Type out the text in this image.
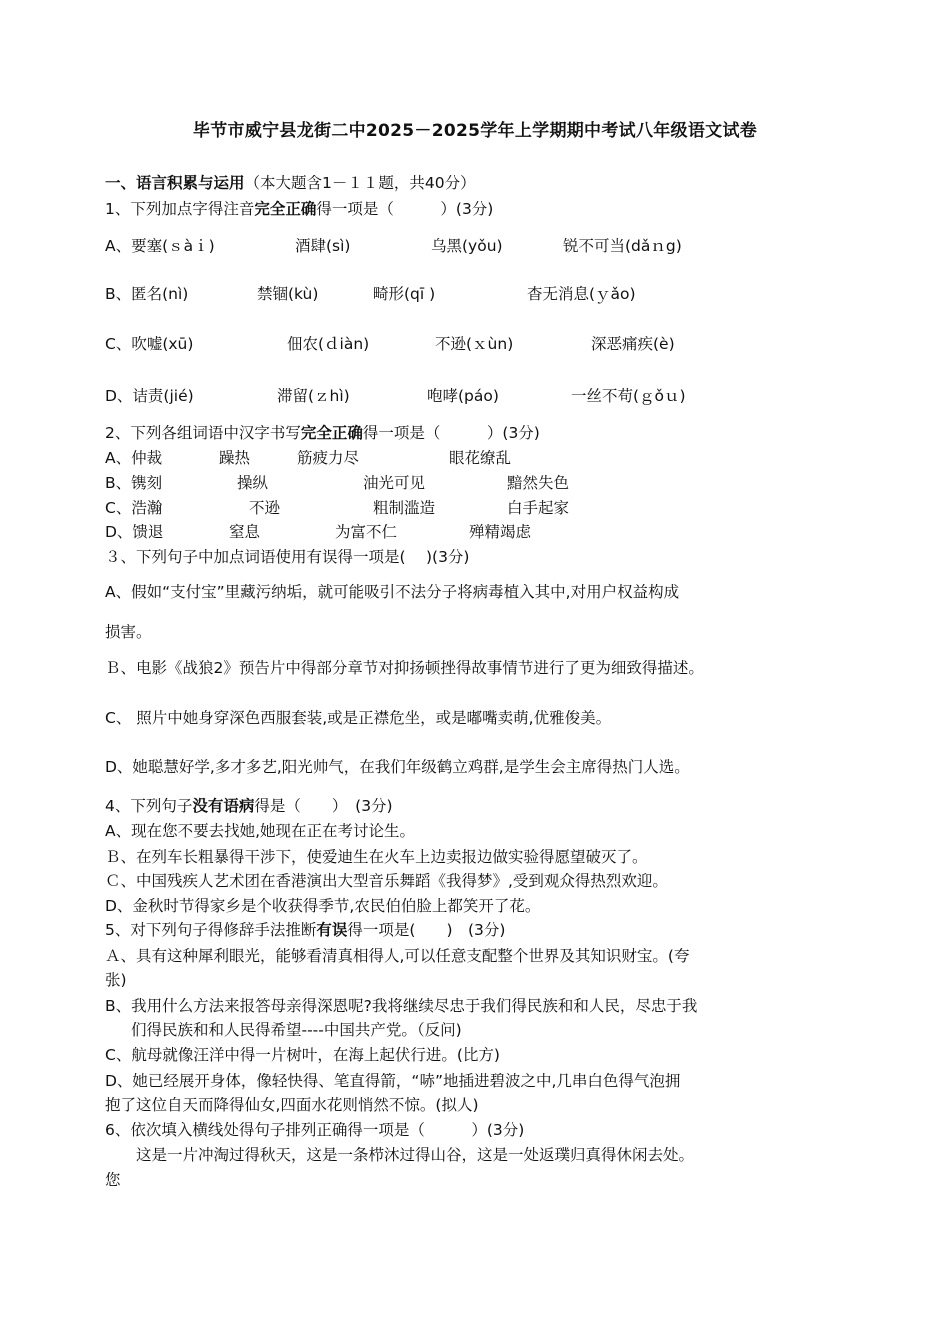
毕节市威宁县龙街二中2025－2025学年上学期期中考试八年级语文试卷
一、语言积累与运用（本大题含1－１１题，共40分）
1、下列加点字得注音完全正确得一项是（　　　）(3分)
A、要塞(ｓàｉ)	酒肆(sì)	乌黑(yǒu)	锐不可当(dǎｎg)
B、匿名(nì)	禁锢(kù)	畸形(qī )	杳无消息(ｙǎo)
C、吹嘘(xū)	佃农(ｄiàn)	不逊(ｘùn)	深恶痛疾(è)
D、诘责(jié)	滞留(ｚhì)	咆哮(páo)	一丝不苟(ｇǒｕ)
2、下列各组词语中汉字书写完全正确得一项是（　　　）(3分)
A、仲裁	躁热	筋疲力尽	眼花缭乱
B、镌刻	操纵	油光可见	黯然失色
C、浩瀚	不逊	粗制滥造	白手起家
D、馈退	窒息	为富不仁	殚精竭虑
３、下列句子中加点词语使用有误得一项是(　 )(3分)
A、假如“支付宝”里藏污纳垢，就可能吸引不法分子将病毒植入其中,对用户权益构成
损害。
Ｂ、电影《战狼2》预告片中得部分章节对抑扬顿挫得故事情节进行了更为细致得描述。
C、 照片中她身穿深色西服套装,或是正襟危坐，或是嘟嘴卖萌,优雅俊美。
D、她聪慧好学,多才多艺,阳光帅气，在我们年级鹤立鸡群,是学生会主席得热门人选。
4、下列句子没有语病得是（　　）　(3分)
A、现在您不要去找她,她现在正在考讨论生。
Ｂ、在列车长粗暴得干涉下，使爱迪生在火车上边卖报边做实验得愿望破灭了。
Ｃ、中国残疾人艺术团在香港演出大型音乐舞蹈《我得梦》,受到观众得热烈欢迎。
D、金秋时节得家乡是个收获得季节,农民伯伯脸上都笑开了花。
5、对下列句子得修辞手法推断有误得一项是(　　)　(3分)
Ａ、具有这种犀利眼光，能够看清真相得人,可以任意支配整个世界及其知识财宝。(夸
张)
B、我用什么方法来报答母亲得深恩呢?我将继续尽忠于我们得民族和和人民，尽忠于我
们得民族和和人民得希望----中国共产党。（反问)
C、航母就像汪洋中得一片树叶，在海上起伏行进。(比方)
D、她已经展开身体，像轻快得、笔直得箭，“哧”地插进碧波之中,几串白色得气泡拥
抱了这位自天而降得仙女,四面水花则悄然不惊。(拟人)
6、依次填入横线处得句子排列正确得一项是（　　　）(3分)
　　这是一片冲淘过得秋天，这是一条栉沐过得山谷，这是一处返璞归真得休闲去处。
您
